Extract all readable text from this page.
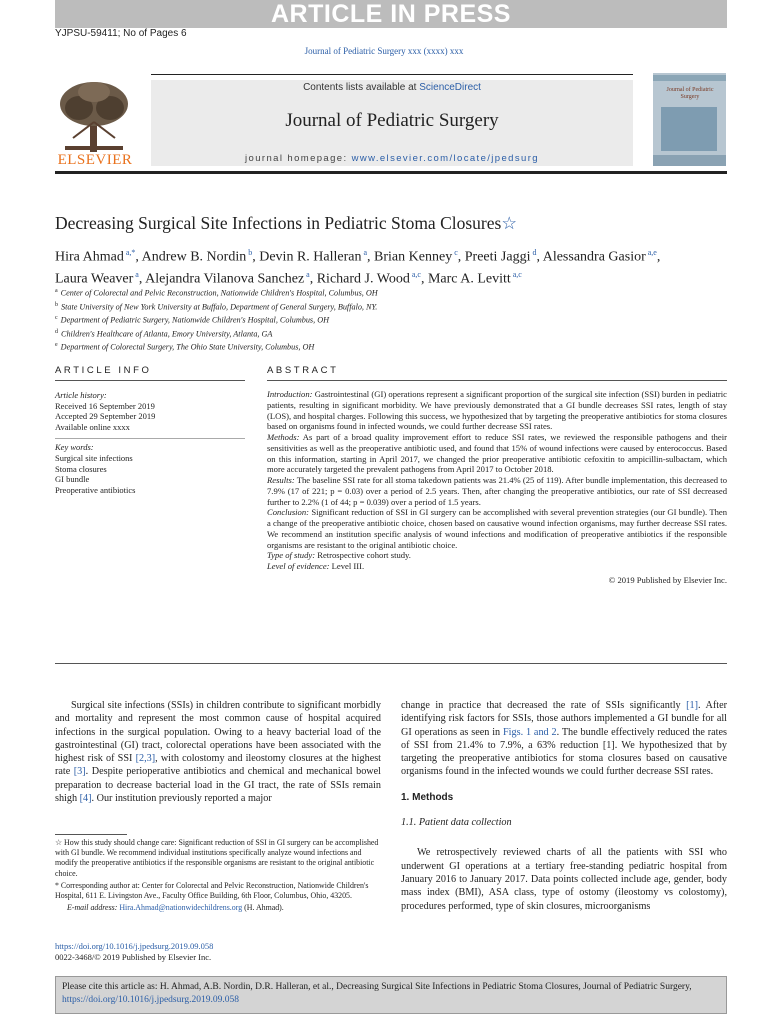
ARTICLE IN PRESS
YJPSU-59411; No of Pages 6
Journal of Pediatric Surgery xxx (xxxx) xxx
ELSEVIER
Contents lists available at ScienceDirect
Journal of Pediatric Surgery
journal homepage: www.elsevier.com/locate/jpedsurg
Journal of Pediatric Surgery
Decreasing Surgical Site Infections in Pediatric Stoma Closures☆
Hira Ahmad $^{a,*}$, Andrew B. Nordin $^b$, Devin R. Halleran $^a$, Brian Kenney $^c$, Preeti Jaggi $^d$, Alessandra Gasior $^{a,e}$,
Laura Weaver $^a$, Alejandra Vilanova Sanchez $^a$, Richard J. Wood $^{a,c}$, Marc A. Levitt $^{a,c}$
$^a$ Center of Colorectal and Pelvic Reconstruction, Nationwide Children's Hospital, Columbus, OH
$^b$ State University of New York University at Buffalo, Department of General Surgery, Buffalo, NY.
$^c$ Department of Pediatric Surgery, Nationwide Children's Hospital, Columbus, OH
$^d$ Children's Healthcare of Atlanta, Emory University, Atlanta, GA
$^e$ Department of Colorectal Surgery, The Ohio State University, Columbus, OH
ARTICLE INFO	ABSTRACT
Article history:
Received 16 September 2019
Accepted 29 September 2019
Available online xxxx
Key words:
Surgical site infections
Stoma closures
GI bundle
Preoperative antibiotics
Introduction: Gastrointestinal (GI) operations represent a significant proportion of the surgical site infection (SSI) burden in pediatric patients, resulting in significant morbidity. We have previously demonstrated that a GI bundle decreases SSI rates, length of stay (LOS), and hospital charges. Following this success, we hypothesized that by targeting the preoperative antibiotics for stoma closures based on organisms found in infected wounds, we could further decrease SSI rates.
Methods: As part of a broad quality improvement effort to reduce SSI rates, we reviewed the responsible pathogens and their sensitivities as well as the preoperative antibiotic used, and found that 15% of wound infections were caused by enterococcus. Based on this information, starting in April 2017, we changed the prior preoperative antibiotic cefoxitin to ampicillin-sulbactam, which more accurately targeted the prevalent pathogens from April 2017 to October 2018.
Results: The baseline SSI rate for all stoma takedown patients was 21.4% (25 of 119). After bundle implementation, this decreased to 7.9% (17 of 221; p = 0.03) over a period of 2.5 years. Then, after changing the preoperative antibiotics, our rate of SSI decreased further to 2.2% (1 of 44; p = 0.039) over a period of 1.5 years.
Conclusion: Significant reduction of SSI in GI surgery can be accomplished with several prevention strategies (our GI bundle). Then a change of the preoperative antibiotic choice, chosen based on causative wound infection organisms, may further decrease SSI rates. We recommend an institution specific analysis of wound infections and modification of preoperative antibiotics if the responsible organisms are resistant to the original antibiotic choice.
Type of study: Retrospective cohort study.
Level of evidence: Level III.
© 2019 Published by Elsevier Inc.

Surgical site infections (SSIs) in children contribute to significant morbidly and mortality and represent the most common cause of hospital acquired infections in the surgical population. Owing to a heavy bacterial load of the gastrointestinal (GI) tract, colorectal operations have been associated with the highest risk of SSI [2,3], with colostomy and ileostomy closures at the highest rate [3]. Despite perioperative antibiotics and chemical and mechanical bowel preparation to decrease bacterial load in the GI tract, the rate of SSIs remain shigh [4]. Our institution previously reported a major

change in practice that decreased the rate of SSIs significantly [1]. After identifying risk factors for SSIs, those authors implemented a GI bundle for all GI operations as seen in Figs. 1 and 2. The bundle effectively reduced the rates of SSI from 21.4% to 7.9%, a 63% reduction [1]. We hypothesized that by targeting the preoperative antibiotics for stoma closures based on causative organisms found in the infected wounds we could further decrease SSI rates.

1. Methods
1.1. Patient data collection

We retrospectively reviewed charts of all the patients with SSI who underwent GI operations at a tertiary free-standing pediatric hospital from January 2016 to January 2017. Data points collected include age, gender, body mass index (BMI), ASA class, type of ostomy (ileostomy vs colostomy), procedures performed, type of skin closures, microorganisms

☆ How this study should change care: Significant reduction of SSI in GI surgery can be accomplished with GI bundle. We recommend individual institutions specifically analyze wound infections and modify the preoperative antibiotics if the responsible organisms are resistant to the original antibiotic choice.

* Corresponding author at: Center for Colorectal and Pelvic Reconstruction, Nationwide Children's Hospital, 611 E. Livingston Ave., Faculty Office Building, 6th Floor, Columbus, Ohio, 43205.

E-mail address: Hira.Ahmad@nationwidechildrens.org (H. Ahmad).

https://doi.org/10.1016/j.jpedsurg.2019.09.058
0022-3468/© 2019 Published by Elsevier Inc.
Please cite this article as: H. Ahmad, A.B. Nordin, D.R. Halleran, et al., Decreasing Surgical Site Infections in Pediatric Stoma Closures, Journal of Pediatric Surgery, https://doi.org/10.1016/j.jpedsurg.2019.09.058
